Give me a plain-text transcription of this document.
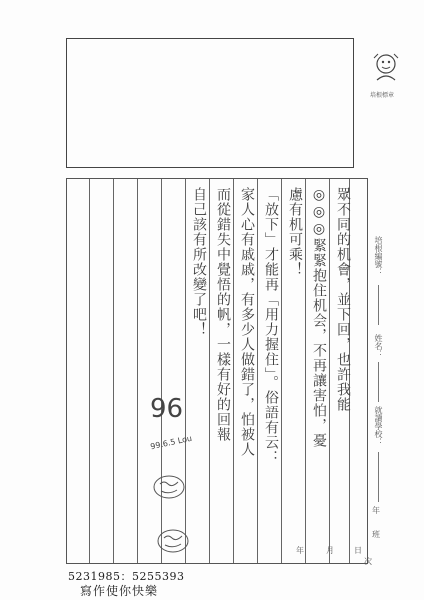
培根標章
眾不同的机會，並下回，也許我能
◎◎◎緊緊抱住机会，不再讓害怕，憂
慮有机可乘！
「放下」才能再「用力握住」。俗語有云：
家人心有戚戚，有多少人做錯了，怕被人
而從錯失中覺悟的帆，一樣有好的回報
自己該有所改變了吧！
96
99.6.5 Lou
培根編號：
姓名：
就讀學校：
年
班
年	月	日
次
5231985：5255393
寫作使你快樂
